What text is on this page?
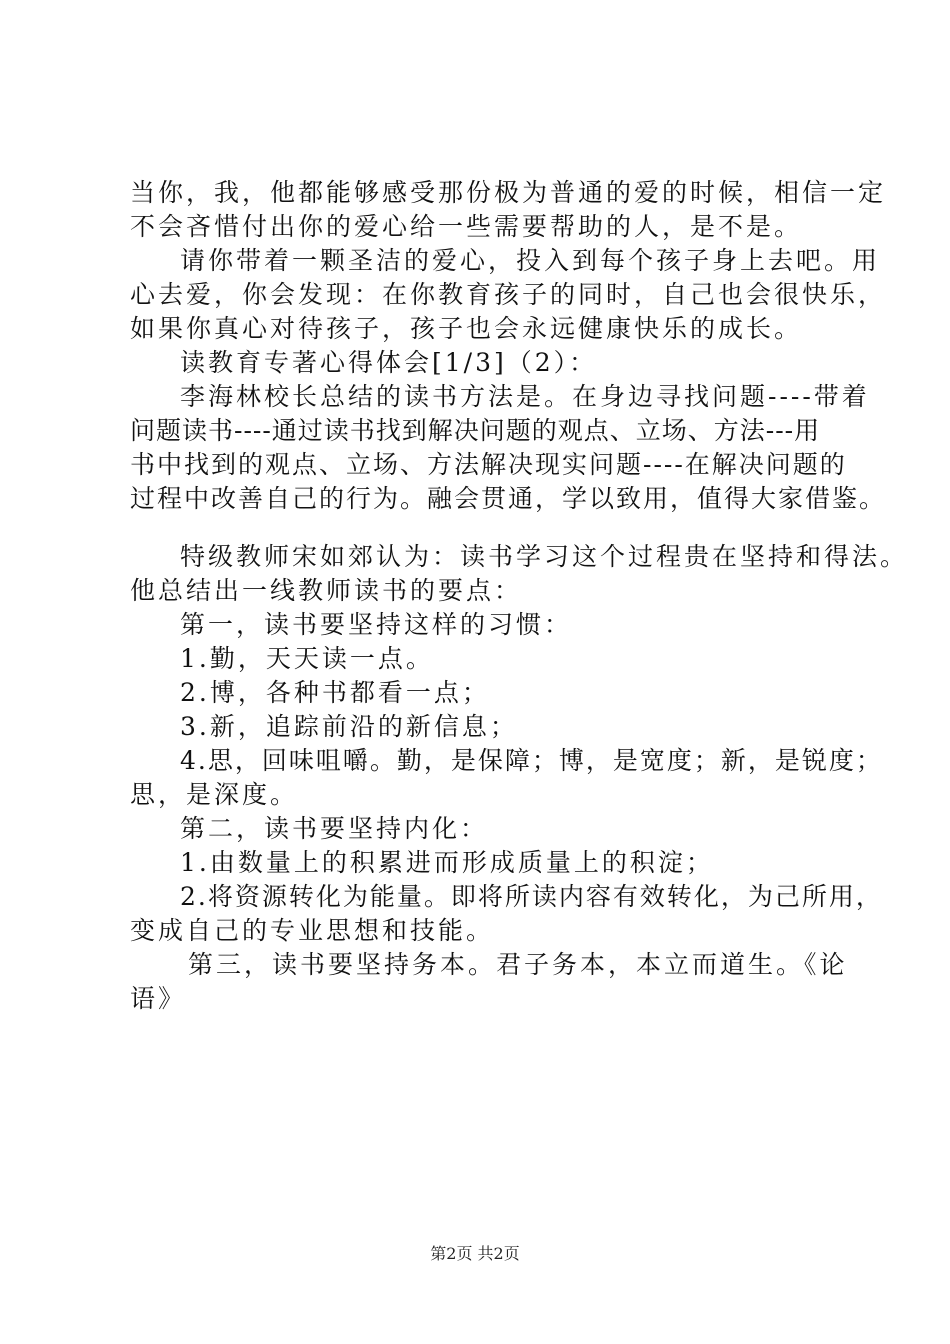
当你，我，他都能够感受那份极为普通的爱的时候，相信一定
不会吝惜付出你的爱心给一些需要帮助的人，是不是。
请你带着一颗圣洁的爱心，投入到每个孩子身上去吧。用
心去爱，你会发现：在你教育孩子的同时，自己也会很快乐，
如果你真心对待孩子，孩子也会永远健康快乐的成长。
读教育专著心得体会[1/3]（2）：
李海林校长总结的读书方法是。在身边寻找问题----带着
问题读书----通过读书找到解决问题的观点、立场、方法---用
书中找到的观点、立场、方法解决现实问题----在解决问题的
过程中改善自己的行为。融会贯通，学以致用，值得大家借鉴。
特级教师宋如郊认为：读书学习这个过程贵在坚持和得法。
他总结出一线教师读书的要点：
第一，读书要坚持这样的习惯：
1.勤，天天读一点。
2.博，各种书都看一点；
3.新，追踪前沿的新信息；
4.思，回味咀嚼。勤，是保障；博，是宽度；新，是锐度；
思，是深度。
第二，读书要坚持内化：
1.由数量上的积累进而形成质量上的积淀；
2.将资源转化为能量。即将所读内容有效转化，为己所用，
变成自己的专业思想和技能。
第三，读书要坚持务本。君子务本，本立而道生。《论
语》
第2页 共2页
